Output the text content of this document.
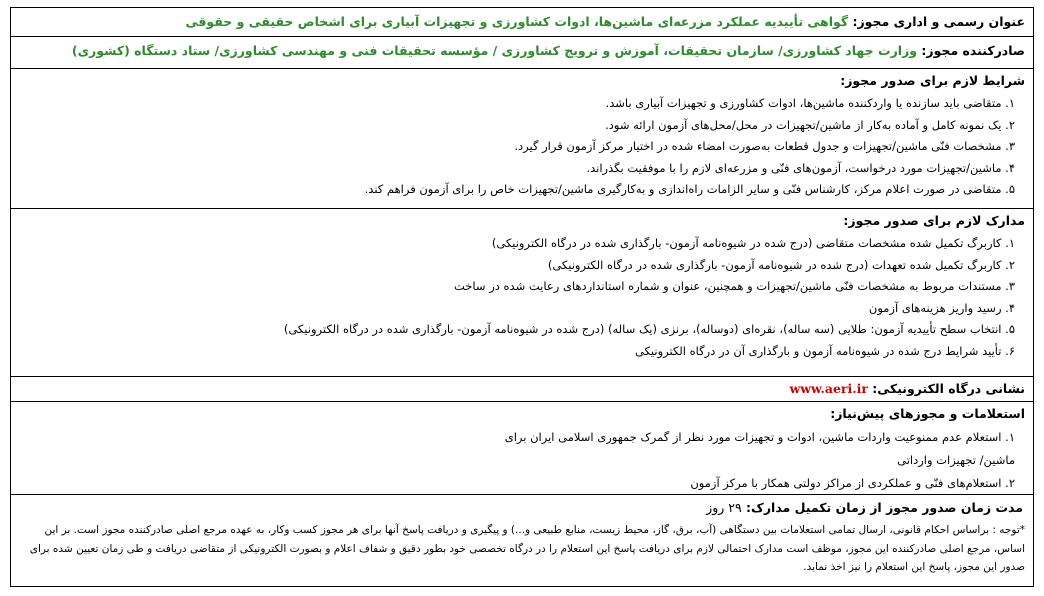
عنوان رسمی و اداری مجوز: گواهی تأییدیه عملکرد مزرعه‌ای ماشین‌ها، ادوات کشاورزی و تجهیزات آبیاری برای اشخاص حقیقی و حقوقی
صادرکننده مجوز: وزارت جهاد کشاورزی/ سازمان تحقیقات، آموزش و ترویج کشاورزی / مؤسسه تحقیقات فنی و مهندسی کشاورزی/ ستاد دستگاه (کشوری)
شرایط لازم برای صدور مجوز:
۱. متقاضی باید سازنده یا واردکننده ماشین‌ها، ادوات کشاورزی و تجهیزات آبیاری باشد.
۲. یک نمونه کامل و آماده به‌کار از ماشین/تجهیزات در محل/محل‌های آزمون ارائه شود.
۳. مشخصات فنّی ماشین/تجهیزات و جدول قطعات به‌صورت امضاء شده در اختیار مرکز آزمون قرار گیرد.
۴. ماشین/تجهیزات مورد درخواست، آزمون‌های فنّی و مزرعه‌ای لازم را با موفقیت بگذراند.
۵. متقاضی در صورت اعلام مرکز، کارشناس فنّی و سایر الزامات راه‌اندازی و به‌کارگیری ماشین/تجهیزات خاص را برای آزمون فراهم کند.
مدارک لازم برای صدور مجوز:
۱. کاربرگ تکمیل شده مشخصات متقاضی (درج شده در شیوه‌نامه آزمون- بارگذاری شده در درگاه الکترونیکی)
۲. کاربرگ تکمیل شده تعهدات (درج شده در شیوه‌نامه آزمون- بارگذاری شده در درگاه الکترونیکی)
۳. مستندات مربوط به مشخصات فنّی ماشین/تجهیزات و همچنین، عنوان و شماره استانداردهای رعایت شده در ساخت
۴. رسید واریز هزینه‌های آزمون
۵. انتخاب سطح تأییدیه آزمون: طلایی (سه ساله)، نقره‌ای (دوساله)، برنزی (یک ساله) (درج شده در شیوه‌نامه آزمون- بارگذاری شده در درگاه الکترونیکی)
۶. تأیید شرایط درج شده در شیوه‌نامه آزمون و بارگذاری آن در درگاه الکترونیکی
نشانی درگاه الکترونیکی: www.aeri.ir
استعلامات و مجوزهای پیش‌نیاز:
۱. استعلام عدم ممنوعیت واردات ماشین، ادوات و تجهیزات مورد نظر از گمرک جمهوری اسلامی ایران برای
ماشین/ تجهیزات وارداتی
۲. استعلام‌های فنّی و عملکردی از مراکز دولتی همکار با مرکز آزمون
مدت زمان صدور مجوز از زمان تکمیل مدارک: ۲۹ روز
*توجه : براساس احکام قانونی، ارسال تمامی استعلامات بین دستگاهی (آب، برق، گاز، محیط زیست، منابع طبیعی و...) و پیگیری و دریافت پاسخ آنها برای هر مجوز کسب وکار، به عهده مرجع اصلی صادرکننده مجوز است. بر این اساس، مرجع اصلی صادرکننده این مجوز، موظف است مدارک احتمالی لازم برای دریافت پاسخ این استعلام را در درگاه تخصصی خود بطور دقیق و شفاف اعلام و بصورت الکترونیکی از متقاضی دریافت و طی زمان تعیین شده برای صدور این مجوز، پاسخ این استعلام را نیز اخذ نماید.
